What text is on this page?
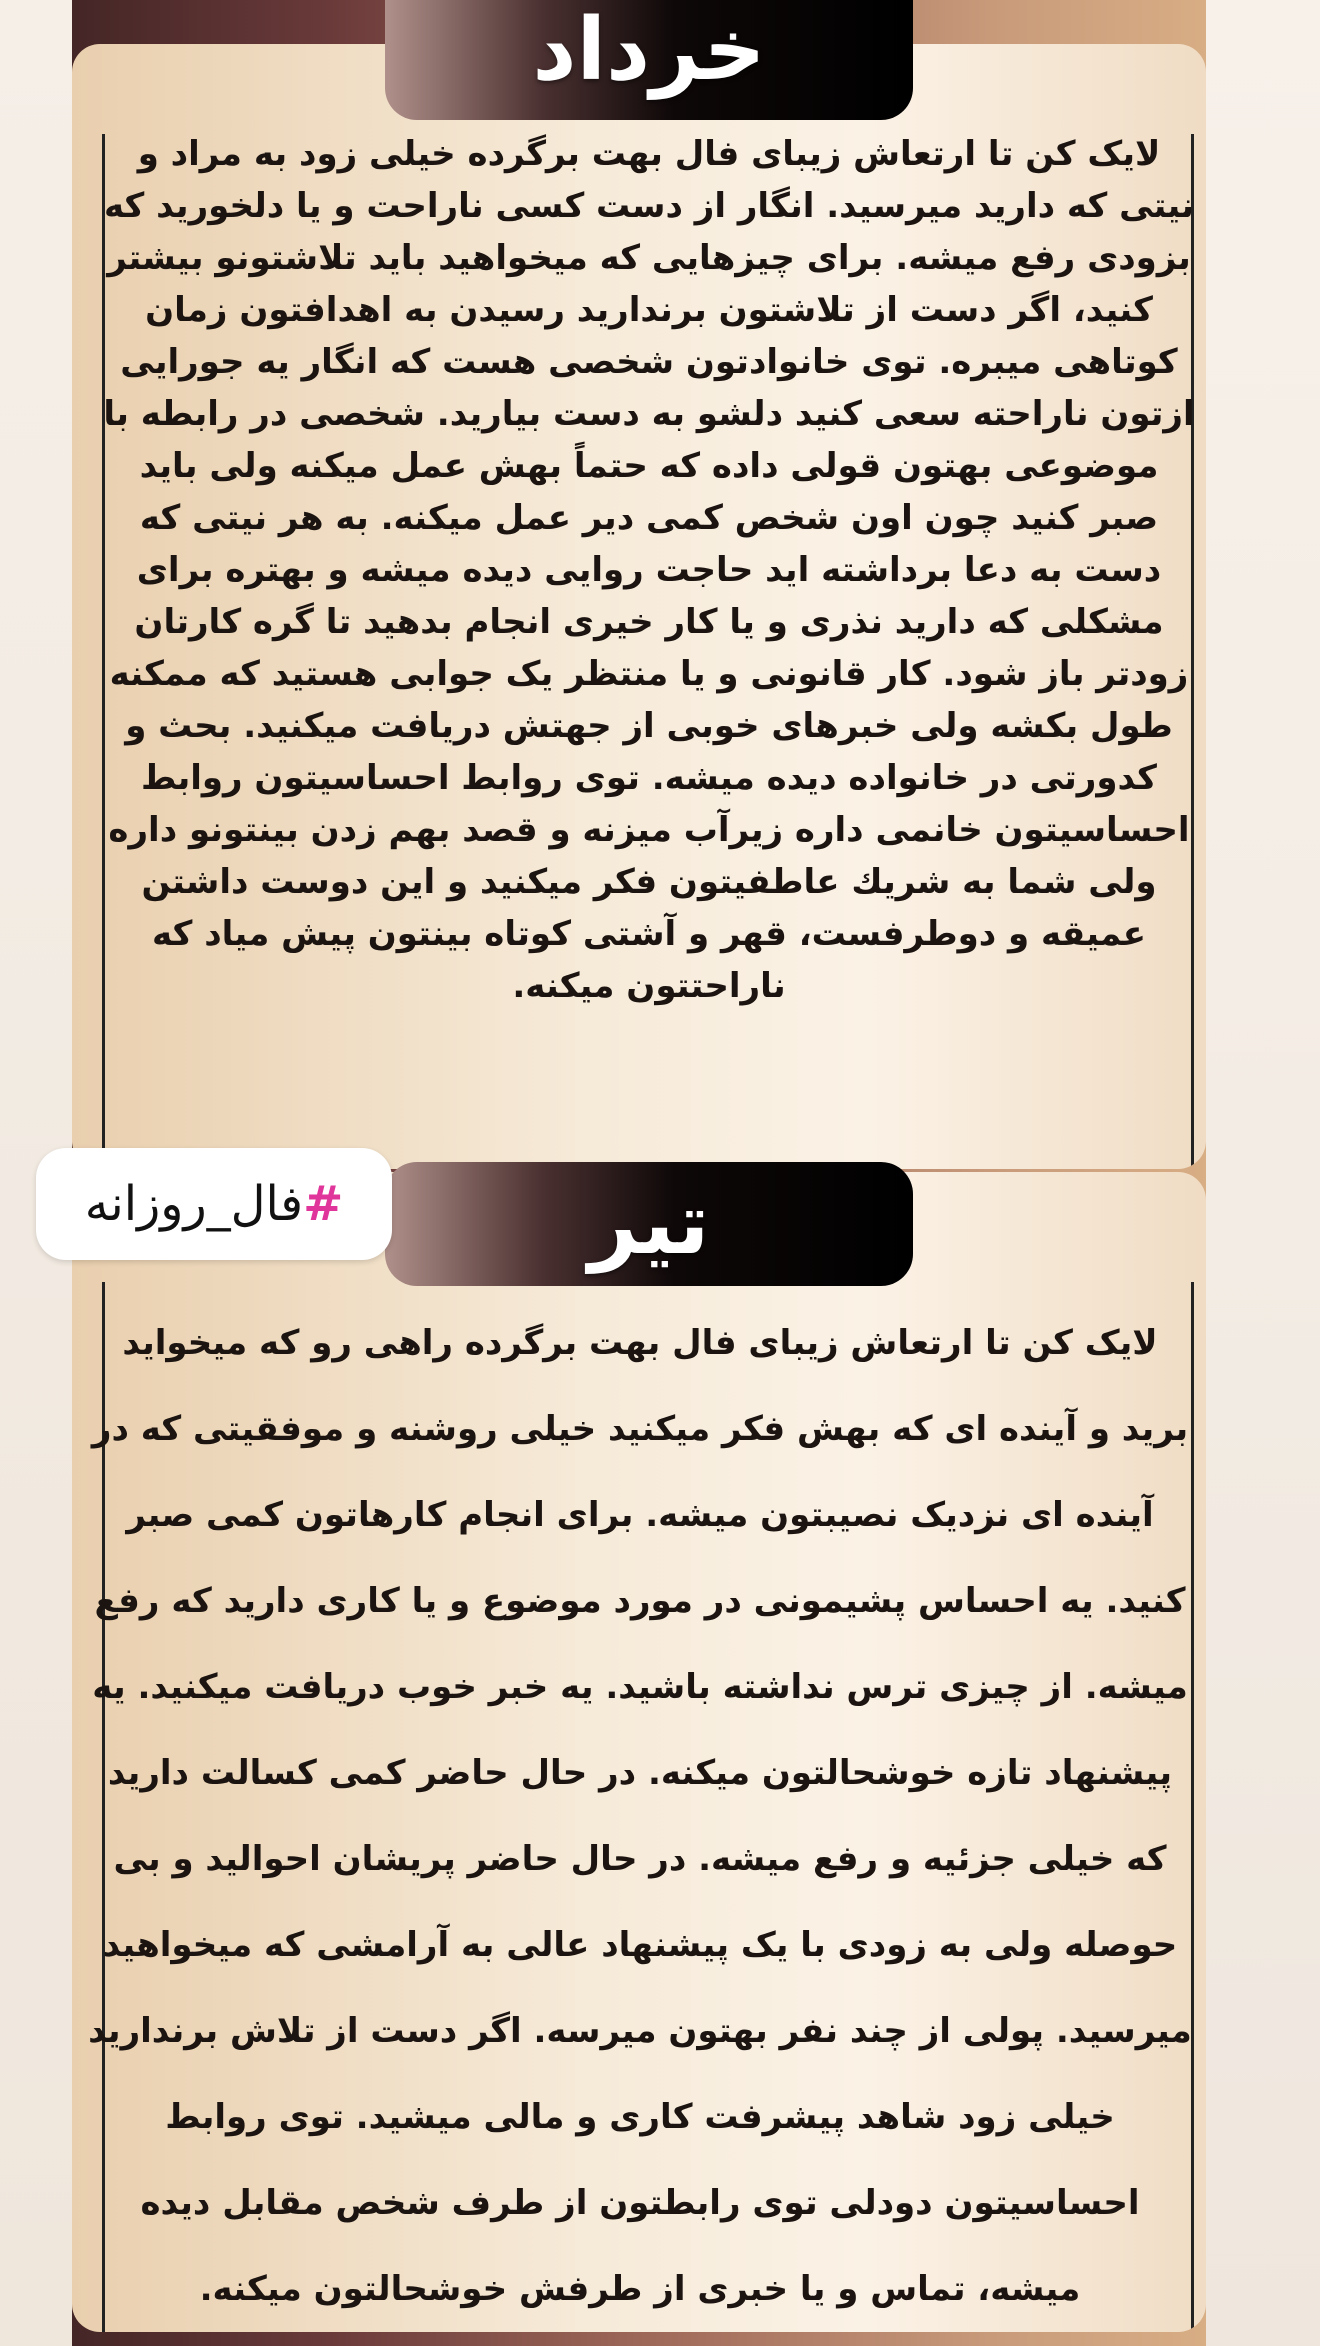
خرداد

لایک کن تا ارتعاش زیبای فال بهت برگرده خیلی زود به مراد و نیتی که دارید میرسید. انگار از دست کسی ناراحت و یا دلخورید که بزودی رفع میشه. برای چیزهایی که میخواهید باید تلاشتونو بیشتر کنید، اگر دست از تلاشتون برندارید رسیدن به اهدافتون زمان کوتاهی میبره. توی خانوادتون شخصی هست که انگار یه جورایی ازتون ناراحته سعی کنید دلشو به دست بیارید. شخصی در رابطه با موضوعی بهتون قولی داده که حتماً بهش عمل میکنه ولی باید صبر کنید چون اون شخص کمی دیر عمل میکنه. به هر نیتی که دست به دعا برداشته اید حاجت روایی دیده میشه و بهتره برای مشکلی که دارید نذری و یا کار خیری انجام بدهید تا گره کارتان زودتر باز شود. کار قانونی و یا منتظر یک جوابی هستید که ممکنه طول بکشه ولی خبرهای خوبی از جهتش دریافت میکنید. بحث و کدورتی در خانواده دیده میشه. توی روابط احساسیتون روابط احساسیتون خانمی داره زیرآب میزنه و قصد بهم زدن بینتونو داره ولی شما به شریك عاطفیتون فکر میکنید و این دوست داشتن عمیقه و دوطرفست، قهر و آشتی کوتاه بینتون پیش میاد که ناراحتتون میکنه.

تیر

لایک کن تا ارتعاش زیبای فال بهت برگرده راهی رو که میخواید برید و آینده ای که بهش فکر میکنید خیلی روشنه و موفقیتی که در آینده ای نزدیک نصیبتون میشه. برای انجام کارهاتون کمی صبر کنید. یه احساس پشیمونی در مورد موضوع و یا کاری دارید که رفع میشه. از چیزی ترس نداشته باشید. یه خبر خوب دریافت میکنید. یه پیشنهاد تازه خوشحالتون میکنه. در حال حاضر کمی کسالت دارید که خیلی جزئیه و رفع میشه. در حال حاضر پریشان احوالید و بی حوصله ولی به زودی با یک پیشنهاد عالی به آرامشی که میخواهید میرسید. پولی از چند نفر بهتون میرسه. اگر دست از تلاش برندارید خیلی زود شاهد پیشرفت کاری و مالی میشید. توی روابط احساسیتون دودلی توی رابطتون از طرف شخص مقابل دیده میشه، تماس و یا خبری از طرفش خوشحالتون میکنه.

#
فال_روزانه
